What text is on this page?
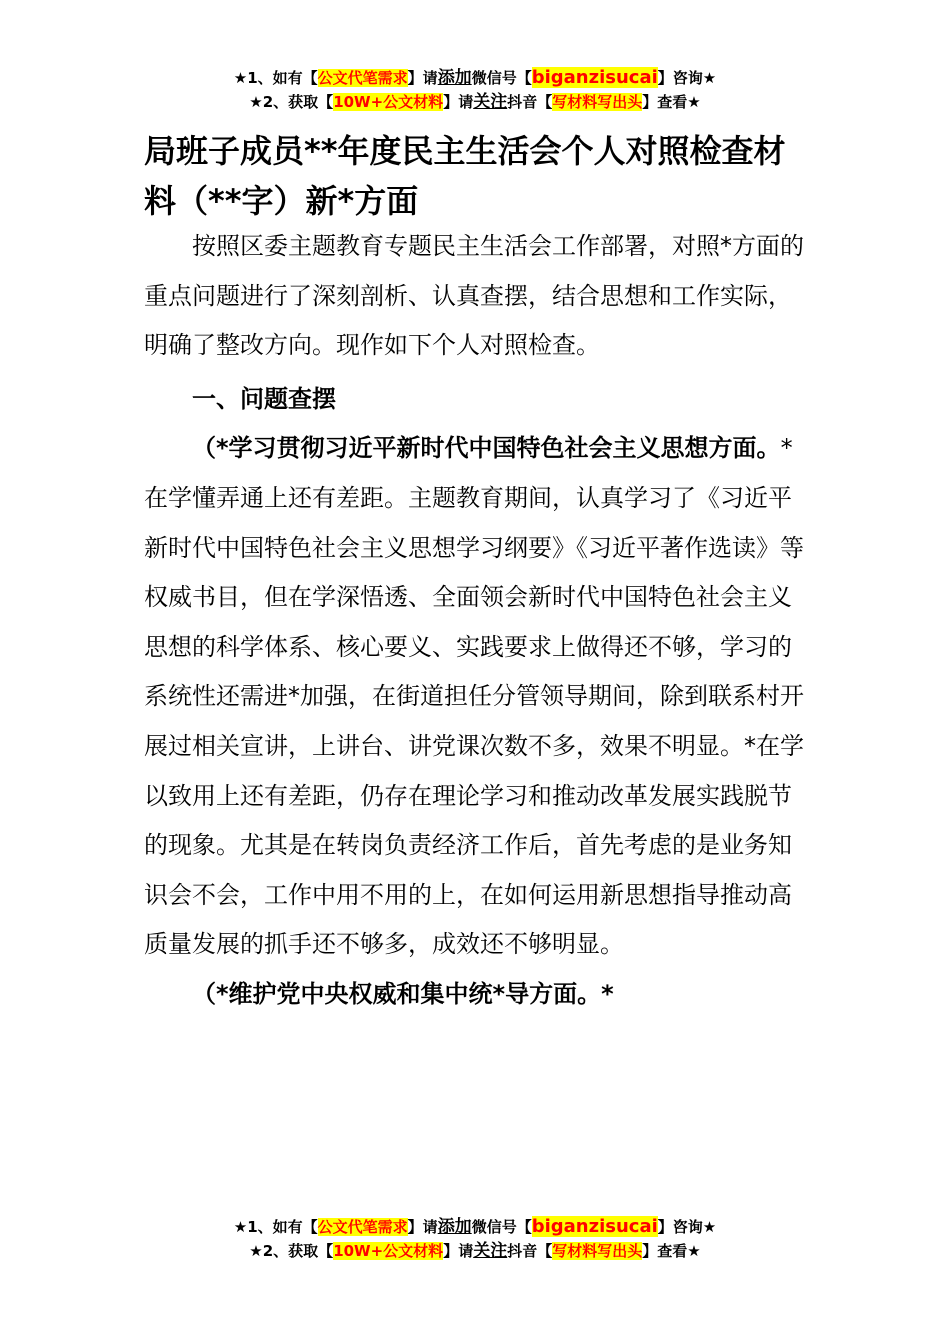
★1、如有【公文代笔需求】请添加微信号【biganzisucai】咨询★
★2、获取【10W+公文材料】请关注抖音【写材料写出头】查看★
局班子成员**年度民主生活会个人对照检查材料（**字）新*方面

按照区委主题教育专题民主生活会工作部署，对照*方面的重点问题进行了深刻剖析、认真查摆，结合思想和工作实际，明确了整改方向。现作如下个人对照检查。

一、问题查摆

（*学习贯彻习近平新时代中国特色社会主义思想方面。*在学懂弄通上还有差距。主题教育期间，认真学习了《习近平新时代中国特色社会主义思想学习纲要》《习近平著作选读》等权威书目，但在学深悟透、全面领会新时代中国特色社会主义思想的科学体系、核心要义、实践要求上做得还不够，学习的系统性还需进*加强，在街道担任分管领导期间，除到联系村开展过相关宣讲，上讲台、讲党课次数不多，效果不明显。*在学以致用上还有差距，仍存在理论学习和推动改革发展实践脱节的现象。尤其是在转岗负责经济工作后，首先考虑的是业务知识会不会，工作中用不用的上，在如何运用新思想指导推动高质量发展的抓手还不够多，成效还不够明显。

（*维护党中央权威和集中统*导方面。*

★1、如有【公文代笔需求】请添加微信号【biganzisucai】咨询★
★2、获取【10W+公文材料】请关注抖音【写材料写出头】查看★
